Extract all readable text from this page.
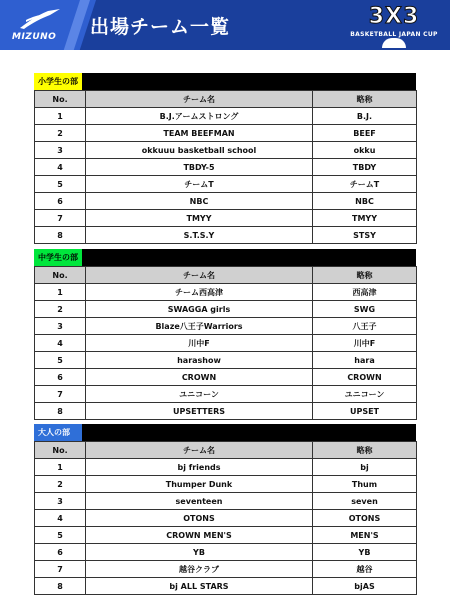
MIZUNO 出場チーム一覧	3X3
BASKETBALL JAPAN CUP
小学生の部
No.	チーム名	略称
1	B.J.アームストロング	B.J.
2	TEAM BEEFMAN	BEEF
3	okkuuu basketball school	okku
4	TBDY-5	TBDY
5	チームT	チームT
6	NBC	NBC
7	TMYY	TMYY
8	S.T.S.Y	STSY
中学生の部
No.	チーム名	略称
1	チーム西高津	西高津
2	SWAGGA girls	SWG
3	Blaze八王子Warriors	八王子
4	川中F	川中F
5	harashow	hara
6	CROWN	CROWN
7	ユニコーン	ユニコーン
8	UPSETTERS	UPSET
大人の部
No.	チーム名	略称
1	bj friends	bj
2	Thumper Dunk	Thum
3	seventeen	seven
4	OTONS	OTONS
5	CROWN MEN'S	MEN'S
6	YB	YB
7	越谷クラブ	越谷
8	bj ALL STARS	bjAS
